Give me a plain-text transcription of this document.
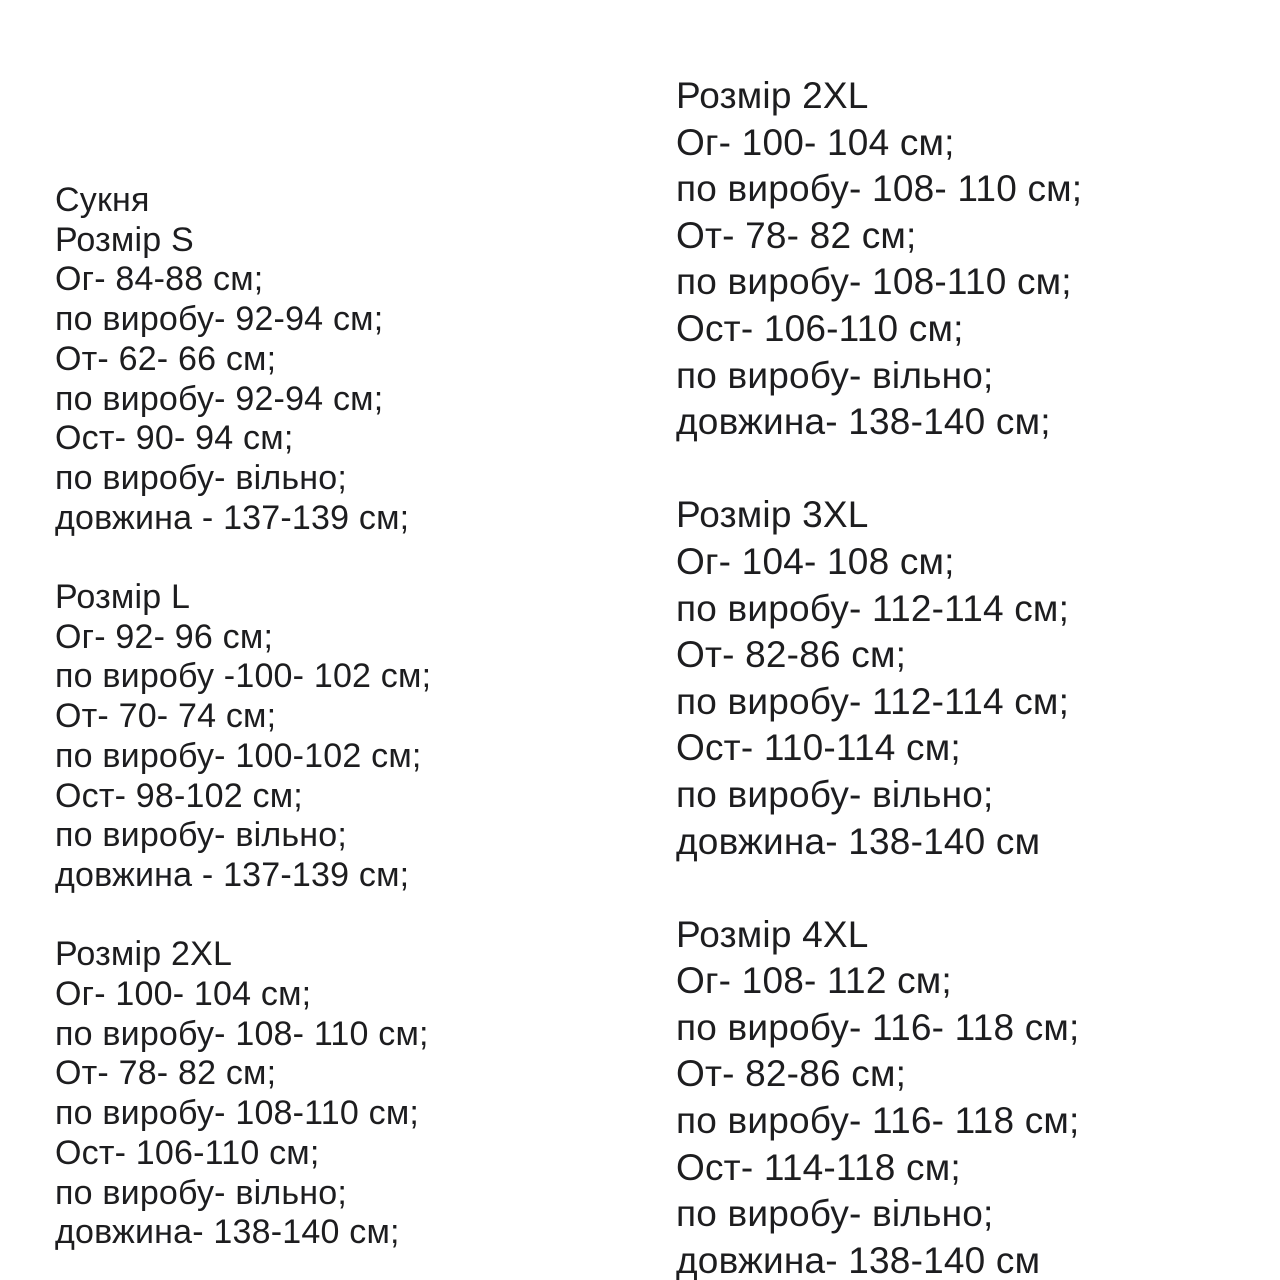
Сукня
Розмір S
Ог- 84-88 см;
по виробу- 92-94 см;
От- 62- 66 см;
по виробу- 92-94 см;
Ост- 90- 94 см;
по виробу- вільно;
довжина - 137-139 см;
Розмір L
Ог- 92- 96 см;
по виробу -100- 102 см;
От- 70- 74 см;
по виробу- 100-102 см;
Ост- 98-102 см;
по виробу- вільно;
довжина - 137-139 см;
Розмір 2XL
Ог- 100- 104 см;
по виробу- 108- 110 см;
От- 78- 82 см;
по виробу- 108-110 см;
Ост- 106-110 см;
по виробу- вільно;
довжина- 138-140 см;
Розмір 2XL
Ог- 100- 104 см;
по виробу- 108- 110 см;
От- 78- 82 см;
по виробу- 108-110 см;
Ост- 106-110 см;
по виробу- вільно;
довжина- 138-140 см;
Розмір 3XL
Ог- 104- 108 см;
по виробу- 112-114 см;
От- 82-86 см;
по виробу- 112-114 см;
Ост- 110-114 см;
по виробу- вільно;
довжина- 138-140 см
Розмір 4XL
Ог- 108- 112 см;
по виробу- 116- 118 см;
От- 82-86 см;
по виробу- 116- 118 см;
Ост- 114-118 см;
по виробу- вільно;
довжина- 138-140 см
